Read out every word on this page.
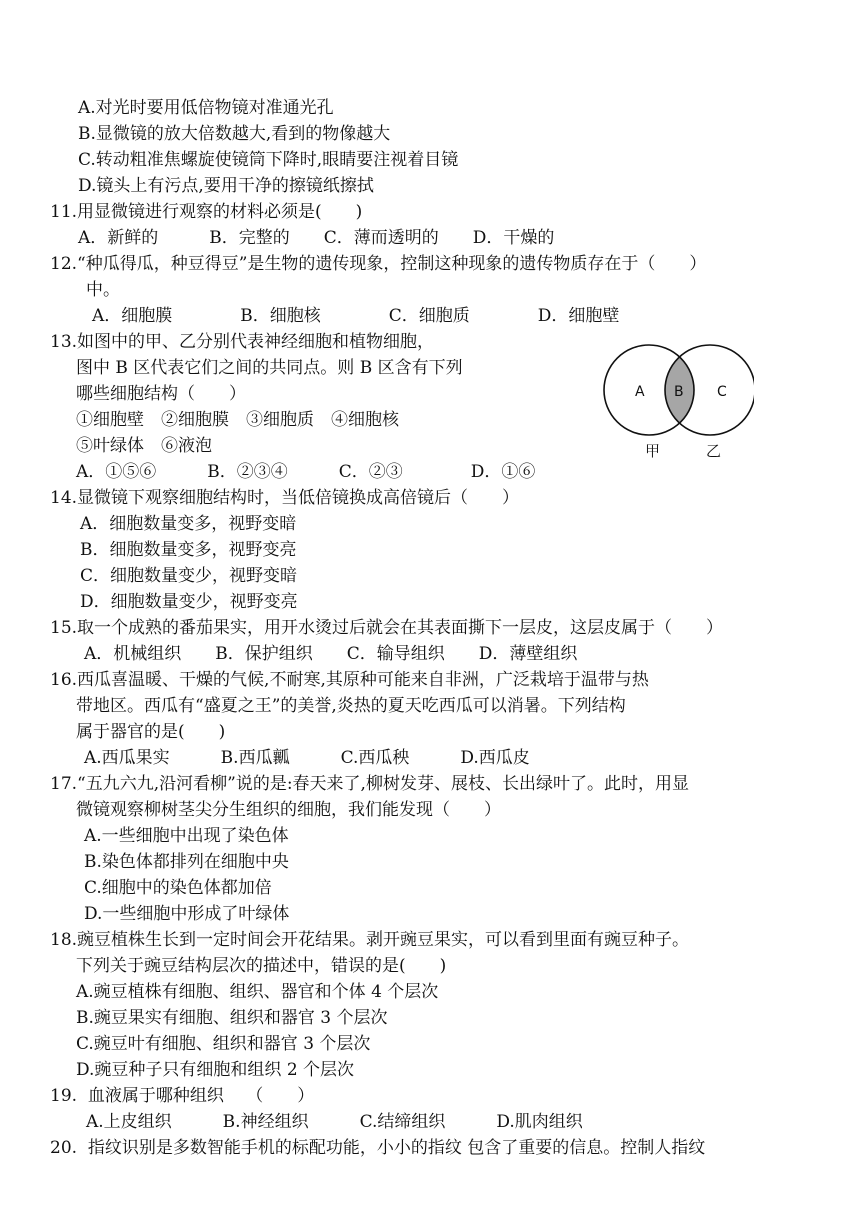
A.对光时要用低倍物镜对准通光孔
B.显微镜的放大倍数越大,看到的物像越大
C.转动粗准焦螺旋使镜筒下降时,眼睛要注视着目镜
D.镜头上有污点,要用干净的擦镜纸擦拭
11.用显微镜进行观察的材料必须是(　　)
A．新鲜的　　　B．完整的　　C．薄而透明的　　D．干燥的
12.“种瓜得瓜，种豆得豆”是生物的遗传现象，控制这种现象的遗传物质存在于（　　）
中。
A．细胞膜　　　　B．细胞核　　　　C．细胞质　　　　D．细胞壁
13.如图中的甲、乙分别代表神经细胞和植物细胞，
图中 B 区代表它们之间的共同点。则 B 区含有下列
哪些细胞结构（　　）
①细胞壁　②细胞膜　③细胞质　④细胞核
⑤叶绿体　⑥液泡
A．①⑤⑥　　　B．②③④　　　C．②③　　　　D．①⑥
A B C
甲	乙
14.显微镜下观察细胞结构时，当低倍镜换成高倍镜后（　　）
A．细胞数量变多，视野变暗
B．细胞数量变多，视野变亮
C．细胞数量变少，视野变暗
D．细胞数量变少，视野变亮
15.取一个成熟的番茄果实，用开水烫过后就会在其表面撕下一层皮，这层皮属于（　　）
A．机械组织　　B．保护组织　　C．输导组织　　D．薄壁组织
16.西瓜喜温暖、干燥的气候,不耐寒,其原种可能来自非洲，广泛栽培于温带与热
带地区。西瓜有“盛夏之王”的美誉,炎热的夏天吃西瓜可以消暑。下列结构
属于器官的是(　　)
A.西瓜果实　　　B.西瓜瓤　　　C.西瓜秧　　　D.西瓜皮
17.“五九六九,沿河看柳”说的是:春天来了,柳树发芽、展枝、长出绿叶了。此时，用显
微镜观察柳树茎尖分生组织的细胞，我们能发现（　　）
A.一些细胞中出现了染色体
B.染色体都排列在细胞中央
C.细胞中的染色体都加倍
D.一些细胞中形成了叶绿体
18.豌豆植株生长到一定时间会开花结果。剥开豌豆果实，可以看到里面有豌豆种子。
下列关于豌豆结构层次的描述中，错误的是(　　)
A.豌豆植株有细胞、组织、器官和个体 4 个层次
B.豌豆果实有细胞、组织和器官 3 个层次
C.豌豆叶有细胞、组织和器官 3 个层次
D.豌豆种子只有细胞和组织 2 个层次
19.  血液属于哪种组织　 （　　）
A.上皮组织　　　B.神经组织　　　C.结缔组织　　　D.肌肉组织
20.  指纹识别是多数智能手机的标配功能，小小的指纹 包含了重要的信息。控制人指纹
